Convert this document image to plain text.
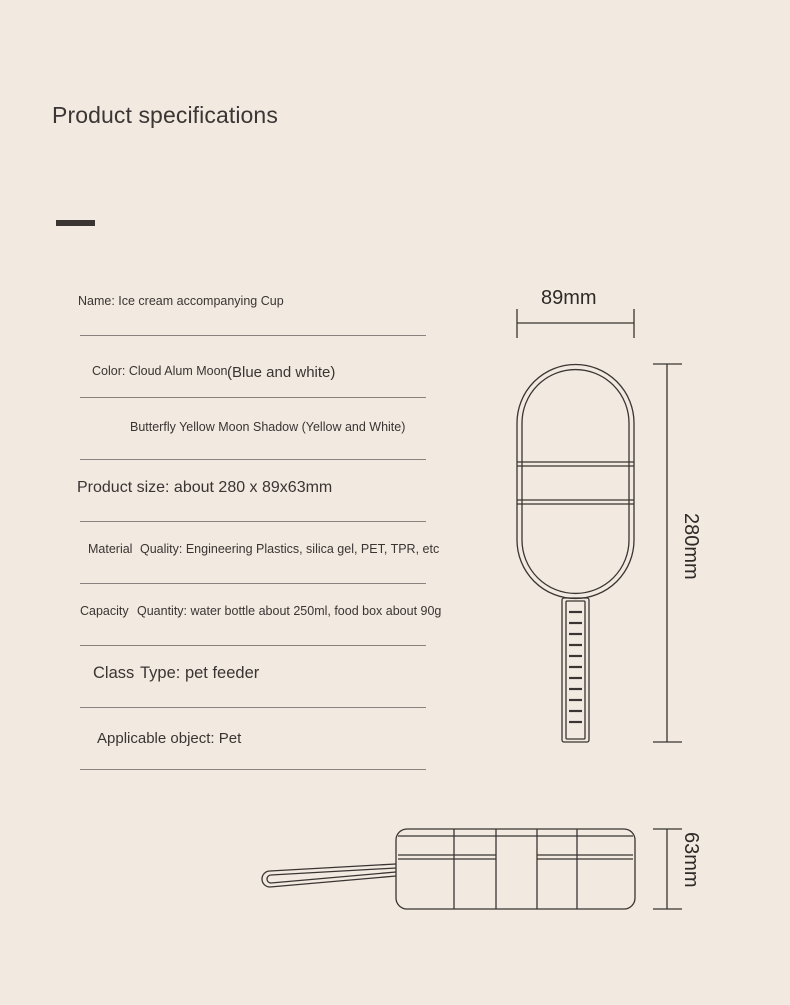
Product specifications
Name: Ice cream accompanying Cup
Color: Cloud Alum Moon (Blue and white)
Butterfly Yellow Moon Shadow (Yellow and White)
Product size: about 280 x 89x63mm
Material Quality: Engineering Plastics, silica gel, PET, TPR, etc
Capacity Quantity: water bottle about 250ml, food box about 90g
Class Type: pet feeder
Applicable object: Pet
89mm
280mm
63mm
